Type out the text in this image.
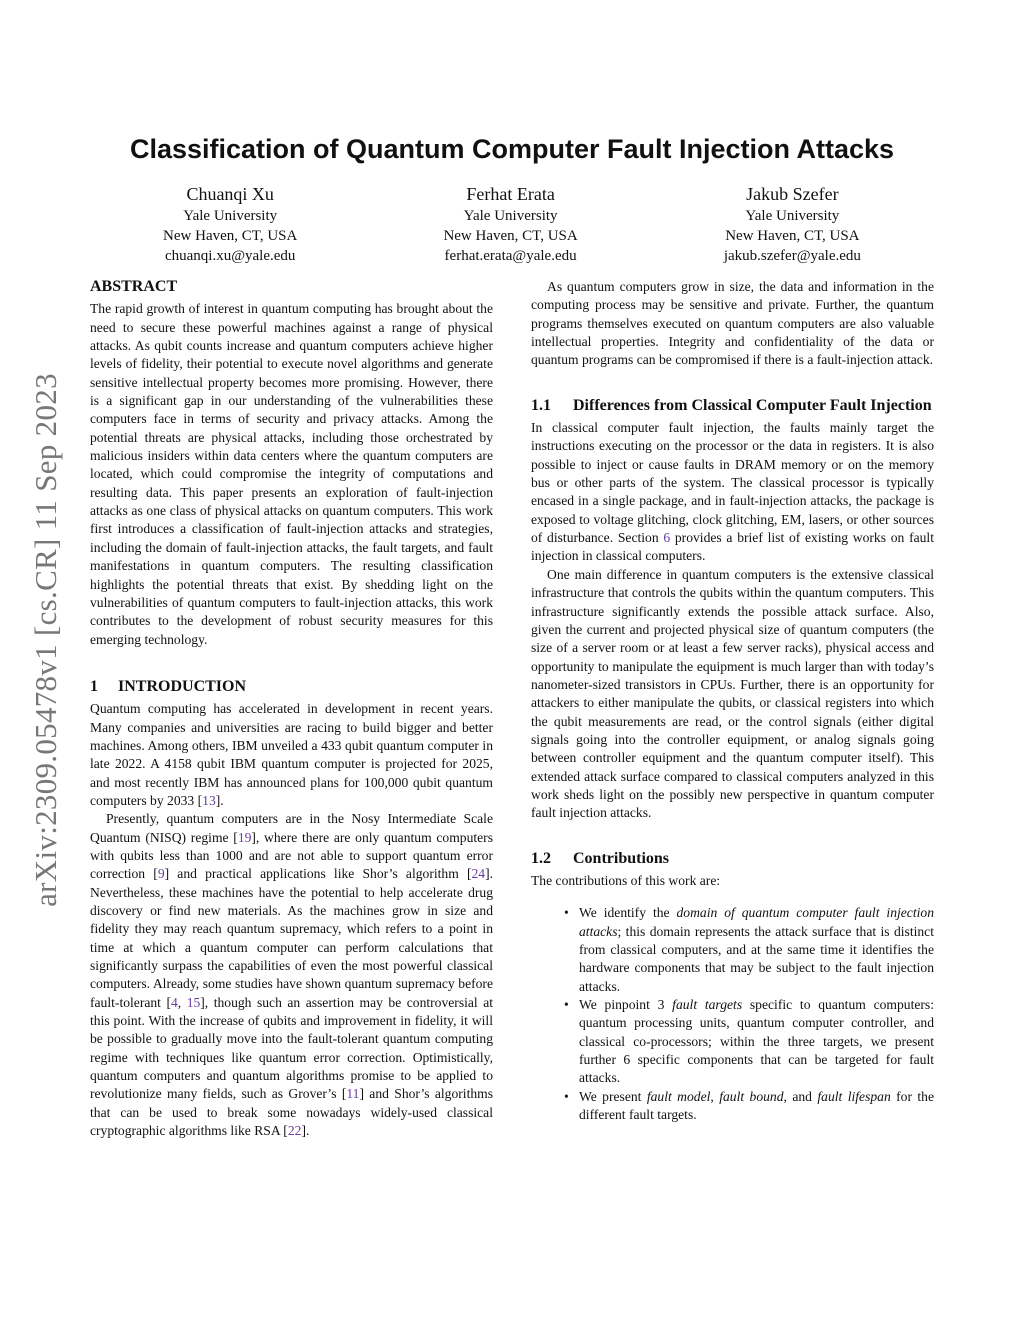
arXiv:2309.05478v1 [cs.CR] 11 Sep 2023
Classification of Quantum Computer Fault Injection Attacks
Chuanqi Xu
Yale University
New Haven, CT, USA
chuanqi.xu@yale.edu
Ferhat Erata
Yale University
New Haven, CT, USA
ferhat.erata@yale.edu
Jakub Szefer
Yale University
New Haven, CT, USA
jakub.szefer@yale.edu
ABSTRACT

The rapid growth of interest in quantum computing has brought about the need to secure these powerful machines against a range of physical attacks. As qubit counts increase and quantum computers achieve higher levels of fidelity, their potential to execute novel algorithms and generate sensitive intellectual property becomes more promising. However, there is a significant gap in our understanding of the vulnerabilities these computers face in terms of security and privacy attacks. Among the potential threats are physical attacks, including those orchestrated by malicious insiders within data centers where the quantum computers are located, which could compromise the integrity of computations and resulting data. This paper presents an exploration of fault-injection attacks as one class of physical attacks on quantum computers. This work first introduces a classification of fault-injection attacks and strategies, including the domain of fault-injection attacks, the fault targets, and fault manifestations in quantum computers. The resulting classification highlights the potential threats that exist. By shedding light on the vulnerabilities of quantum computers to fault-injection attacks, this work contributes to the development of robust security measures for this emerging technology.

1	INTRODUCTION

Quantum computing has accelerated in development in recent years. Many companies and universities are racing to build bigger and better machines. Among others, IBM unveiled a 433 qubit quantum computer in late 2022. A 4158 qubit IBM quantum computer is projected for 2025, and most recently IBM has announced plans for 100,000 qubit quantum computers by 2033 [13].

Presently, quantum computers are in the Nosy Intermediate Scale Quantum (NISQ) regime [19], where there are only quantum computers with qubits less than 1000 and are not able to support quantum error correction [9] and practical applications like Shor’s algorithm [24]. Nevertheless, these machines have the potential to help accelerate drug discovery or find new materials. As the machines grow in size and fidelity they may reach quantum supremacy, which refers to a point in time at which a quantum computer can perform calculations that significantly surpass the capabilities of even the most powerful classical computers. Already, some studies have shown quantum supremacy before fault-tolerant [4, 15], though such an assertion may be controversial at this point. With the increase of qubits and improvement in fidelity, it will be possible to gradually move into the fault-tolerant quantum computing regime with techniques like quantum error correction. Optimistically, quantum computers and quantum algorithms promise to be applied to revolutionize many fields, such as Grover’s [11] and Shor’s algorithms that can be used to break some nowadays widely-used classical cryptographic algorithms like RSA [22].

As quantum computers grow in size, the data and information in the computing process may be sensitive and private. Further, the quantum programs themselves executed on quantum computers are also valuable intellectual properties. Integrity and confidentiality of the data or quantum programs can be compromised if there is a fault-injection attack.

1.1	Differences from Classical Computer Fault Injection

In classical computer fault injection, the faults mainly target the instructions executing on the processor or the data in registers. It is also possible to inject or cause faults in DRAM memory or on the memory bus or other parts of the system. The classical processor is typically encased in a single package, and in fault-injection attacks, the package is exposed to voltage glitching, clock glitching, EM, lasers, or other sources of disturbance. Section 6 provides a brief list of existing works on fault injection in classical computers.

One main difference in quantum computers is the extensive classical infrastructure that controls the qubits within the quantum computers. This infrastructure significantly extends the possible attack surface. Also, given the current and projected physical size of quantum computers (the size of a server room or at least a few server racks), physical access and opportunity to manipulate the equipment is much larger than with today’s nanometer-sized transistors in CPUs. Further, there is an opportunity for attackers to either manipulate the qubits, or classical registers into which the qubit measurements are read, or the control signals (either digital signals going into the controller equipment, or analog signals going between controller equipment and the quantum computer itself). This extended attack surface compared to classical computers analyzed in this work sheds light on the possibly new perspective in quantum computer fault injection attacks.

1.2	Contributions

The contributions of this work are:

• We identify the domain of quantum computer fault injection attacks; this domain represents the attack surface that is distinct from classical computers, and at the same time it identifies the hardware components that may be subject to the fault injection attacks.
• We pinpoint 3 fault targets specific to quantum computers: quantum processing units, quantum computer controller, and classical co-processors; within the three targets, we present further 6 specific components that can be targeted for fault attacks.
• We present fault model, fault bound, and fault lifespan for the different fault targets.
